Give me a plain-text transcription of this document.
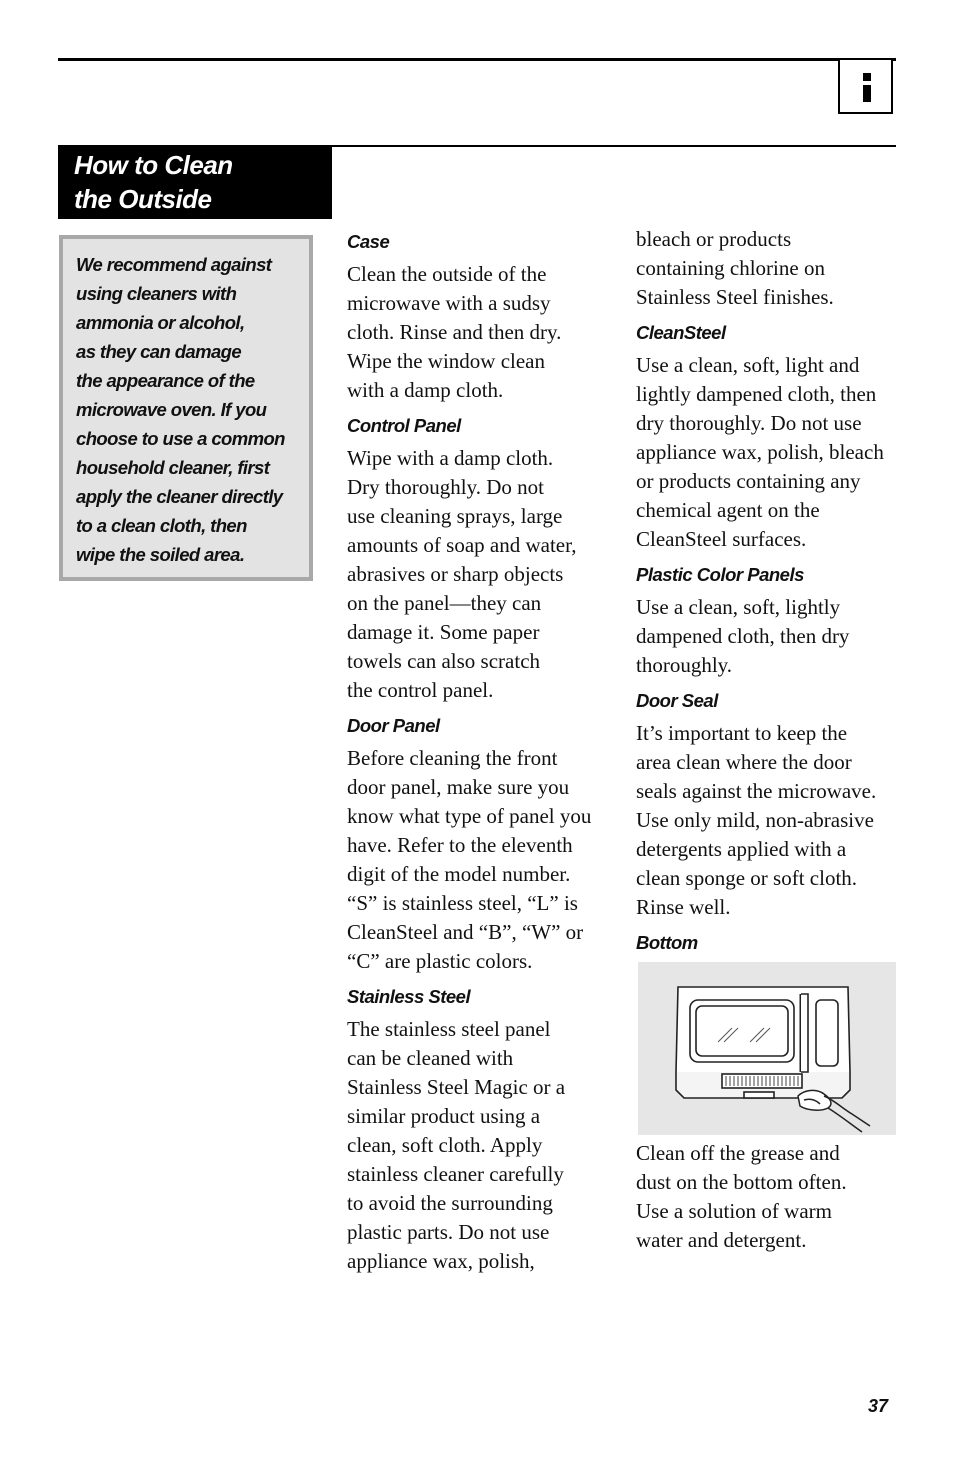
How to Clean
the Outside
We recommend against
using cleaners with
ammonia or alcohol,
as they can damage
the appearance of the
microwave oven. If you
choose to use a common
household cleaner, first
apply the cleaner directly
to a clean cloth, then
wipe the soiled area.
Case

Clean the outside of the
microwave with a sudsy
cloth. Rinse and then dry.
Wipe the window clean
with a damp cloth.

Control Panel

Wipe with a damp cloth.
Dry thoroughly. Do not
use cleaning sprays, large
amounts of soap and water,
abrasives or sharp objects
on the panel—they can
damage it. Some paper
towels can also scratch
the control panel.

Door Panel

Before cleaning the front
door panel, make sure you
know what type of panel you
have. Refer to the eleventh
digit of the model number.
“S” is stainless steel, “L” is
CleanSteel and “B”, “W” or
“C” are plastic colors.

Stainless Steel

The stainless steel panel
can be cleaned with
Stainless Steel Magic or a
similar product using a
clean, soft cloth. Apply
stainless cleaner carefully
to avoid the surrounding
plastic parts. Do not use
appliance wax, polish,

bleach or products
containing chlorine on
Stainless Steel finishes.

CleanSteel

Use a clean, soft, light and
lightly dampened cloth, then
dry thoroughly. Do not use
appliance wax, polish, bleach
or products containing any
chemical agent on the
CleanSteel surfaces.

Plastic Color Panels

Use a clean, soft, lightly
dampened cloth, then dry
thoroughly.

Door Seal

It’s important to keep the
area clean where the door
seals against the microwave.
Use only mild, non-abrasive
detergents applied with a
clean sponge or soft cloth.
Rinse well.

Bottom

Clean off the grease and
dust on the bottom often.
Use a solution of warm
water and detergent.

37
